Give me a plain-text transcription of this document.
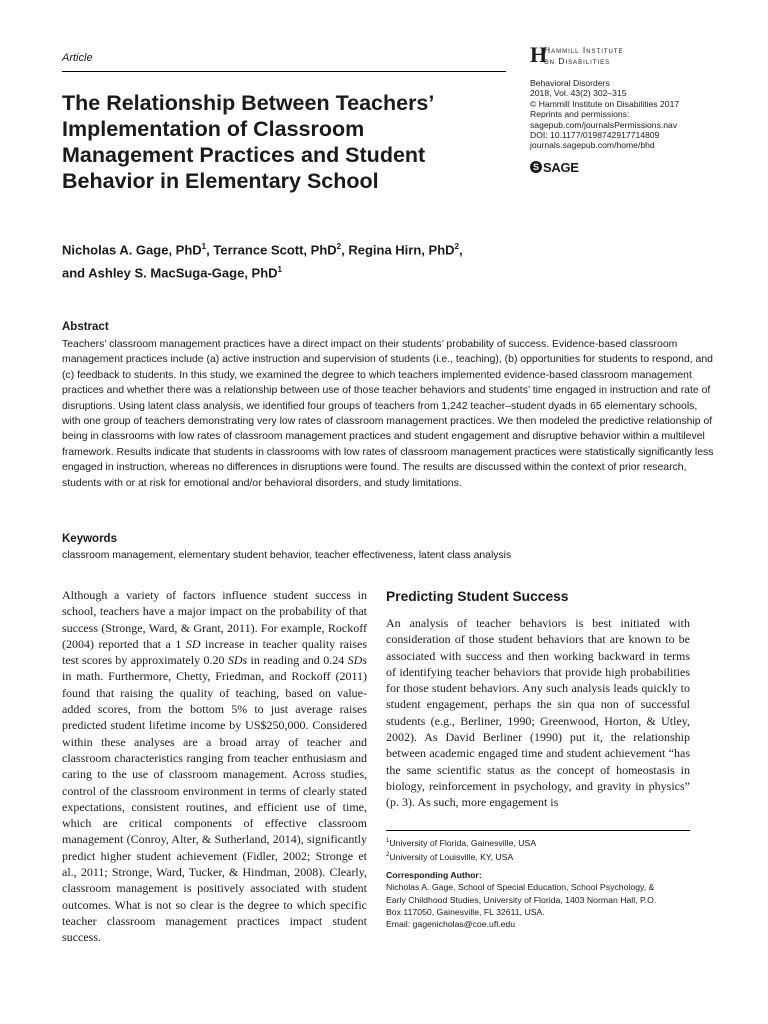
Article	H
Hammill Institute
on Disabilities
Behavioral Disorders
2018, Vol. 43(2) 302–315
© Hammill Institute on Disabilities 2017
Reprints and permissions:
sagepub.com/journalsPermissions.nav
DOI: 10.1177/0198742917714809
journals.sagepub.com/home/bhd
S SAGE
The Relationship Between Teachers’ Implementation of Classroom Management Practices and Student Behavior in Elementary School
Nicholas A. Gage, PhD$^1$, Terrance Scott, PhD$^2$, Regina Hirn, PhD$^2$,
and Ashley S. MacSuga-Gage, PhD$^1$
Abstract

Teachers’ classroom management practices have a direct impact on their students’ probability of success. Evidence-based classroom management practices include (a) active instruction and supervision of students (i.e., teaching), (b) opportunities for students to respond, and (c) feedback to students. In this study, we examined the degree to which teachers implemented evidence-based classroom management practices and whether there was a relationship between use of those teacher behaviors and students’ time engaged in instruction and rate of disruptions. Using latent class analysis, we identified four groups of teachers from 1,242 teacher–student dyads in 65 elementary schools, with one group of teachers demonstrating very low rates of classroom management practices. We then modeled the predictive relationship of being in classrooms with low rates of classroom management practices and student engagement and disruptive behavior within a multilevel framework. Results indicate that students in classrooms with low rates of classroom management practices were statistically significantly less engaged in instruction, whereas no differences in disruptions were found. The results are discussed within the context of prior research, students with or at risk for emotional and/or behavioral disorders, and study limitations.

Keywords
classroom management, elementary student behavior, teacher effectiveness, latent class analysis

Although a variety of factors influence student success in school, teachers have a major impact on the probability of that success (Stronge, Ward, & Grant, 2011). For example, Rockoff (2004) reported that a 1 SD increase in teacher quality raises test scores by approximately 0.20 SDs in reading and 0.24 SDs in math. Furthermore, Chetty, Friedman, and Rockoff (2011) found that raising the quality of teaching, based on value-added scores, from the bottom 5% to just average raises predicted student lifetime income by US$250,000. Considered within these analyses are a broad array of teacher and classroom characteristics ranging from teacher enthusiasm and caring to the use of classroom management. Across studies, control of the classroom environment in terms of clearly stated expectations, consistent routines, and efficient use of time, which are critical components of effective classroom management (Conroy, Alter, & Sutherland, 2014), significantly predict higher student achievement (Fidler, 2002; Stronge et al., 2011; Stronge, Ward, Tucker, & Hindman, 2008). Clearly, classroom management is positively associated with student outcomes. What is not so clear is the degree to which specific teacher classroom management practices impact student success.

Predicting Student Success

An analysis of teacher behaviors is best initiated with consideration of those student behaviors that are known to be associated with success and then working backward in terms of identifying teacher behaviors that provide high probabilities for those student behaviors. Any such analysis leads quickly to student engagement, perhaps the sin qua non of successful students (e.g., Berliner, 1990; Greenwood, Horton, & Utley, 2002). As David Berliner (1990) put it, the relationship between academic engaged time and student achievement “has the same scientific status as the concept of homeostasis in biology, reinforcement in psychology, and gravity in physics” (p. 3). As such, more engagement is

$^1$University of Florida, Gainesville, USA
$^2$University of Louisville, KY, USA
Corresponding Author:
Nicholas A. Gage, School of Special Education, School Psychology, &
Early Childhood Studies, University of Florida, 1403 Norman Hall, P.O.
Box 117050, Gainesville, FL 32611, USA.
Email: gagenicholas@coe.ufl.edu
